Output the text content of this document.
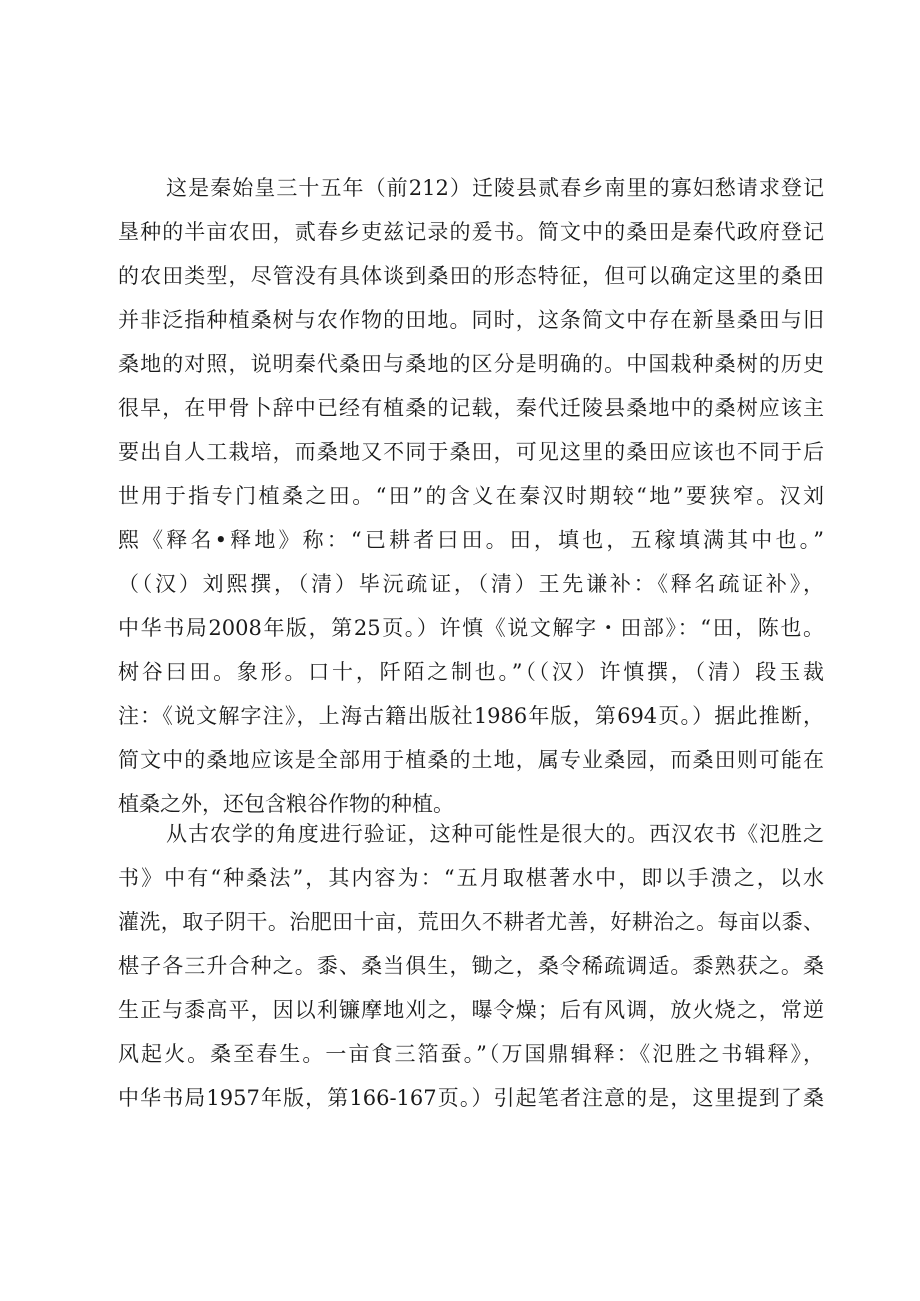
这是秦始皇三十五年（前212）迁陵县贰春乡南里的寡妇愁请求登记
垦种的半亩农田，贰春乡吏兹记录的爰书。简文中的桑田是秦代政府登记
的农田类型，尽管没有具体谈到桑田的形态特征，但可以确定这里的桑田
并非泛指种植桑树与农作物的田地。同时，这条简文中存在新垦桑田与旧
桑地的对照，说明秦代桑田与桑地的区分是明确的。中国栽种桑树的历史
很早，在甲骨卜辞中已经有植桑的记载，秦代迁陵县桑地中的桑树应该主
要出自人工栽培，而桑地又不同于桑田，可见这里的桑田应该也不同于后
世用于指专门植桑之田。“田”的含义在秦汉时期较“地”要狭窄。汉刘
熙《释名•释地》称：“已耕者曰田。田，填也，五稼填满其中也。”
（（汉）刘熙撰，（清）毕沅疏证，（清）王先谦补：《释名疏证补》，
中华书局2008年版，第25页。）许慎《说文解字・田部》：“田，陈也。
树谷曰田。象形。口十，阡陌之制也。”（（汉）许慎撰，（清）段玉裁
注：《说文解字注》，上海古籍出版社1986年版，第694页。）据此推断，
简文中的桑地应该是全部用于植桑的土地，属专业桑园，而桑田则可能在
植桑之外，还包含粮谷作物的种植。
从古农学的角度进行验证，这种可能性是很大的。西汉农书《氾胜之
书》中有“种桑法”，其内容为：“五月取椹著水中，即以手溃之，以水
灌洗，取子阴干。治肥田十亩，荒田久不耕者尤善，好耕治之。每亩以黍、
椹子各三升合种之。黍、桑当俱生，锄之，桑令稀疏调适。黍熟获之。桑
生正与黍高平，因以利镰摩地刈之，曝令燥；后有风调，放火烧之，常逆
风起火。桑至春生。一亩食三箔蚕。”（万国鼎辑释：《氾胜之书辑释》，
中华书局1957年版，第166-167页。）引起笔者注意的是，这里提到了桑
